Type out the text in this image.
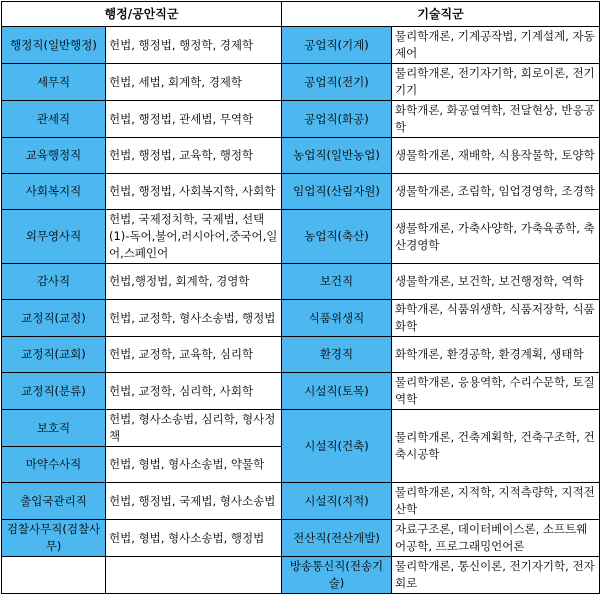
행정/공안직군		기술직군	
행정직(일반행정)	헌법, 행정법, 행정학, 경제학	공업직(기계)	물리학개론, 기계공작법, 기계설계, 자동제어
세무직	헌법, 세법, 회계학, 경제학	공업직(전기)	물리학개론, 전기자기학, 회로이론, 전기기기
관세직	헌법, 행정법, 관세법, 무역학	공업직(화공)	화학개론, 화공열역학, 전달현상, 반응공학
교육행정직	헌법, 행정법, 교육학, 행정학	농업직(일반농업)	생물학개론, 재배학, 식용작물학, 토양학
사회복지직	헌법, 행정법, 사회복지학, 사회학	임업직(산림자원)	생물학개론, 조림학, 임업경영학, 조경학
외무영사직	헌법, 국제정치학, 국제법, 선택(1)-독어,불어,러시아어,중국어,일어,스페인어	농업직(축산)	생물학개론, 가축사양학, 가축육종학, 축산경영학
감사직	헌법,행정법, 회계학, 경영학	보건직	생물학개론, 보건학, 보건행정학, 역학
교정직(교정)	헌법, 교정학, 형사소송법, 행정법	식품위생직	화학개론, 식품위생학, 식품저장학, 식품화학
교정직(교회)	헌법, 교정학, 교육학, 심리학	환경직	화학개론, 환경공학, 환경계획, 생태학
교정직(분류)	헌법, 교정학, 심리학, 사회학	시설직(토목)	물리학개론, 응용역학, 수리수문학, 토질역학
보호직	헌법, 형사소송법, 심리학, 형사정책	시설직(건축)	물리학개론, 건축계획학, 건축구조학, 건축시공학
마약수사직	헌법, 형법, 형사소송법, 약물학		
출입국관리직	헌법, 행정법, 국제법, 형사소송법	시설직(지적)	물리학개론, 지적학, 지적측량학, 지적전산학
검찰사무직(검찰사무)	헌법, 형법, 형사소송법, 행정법	전산직(전산개발)	자료구조론, 데이터베이스론, 소프트웨어공학, 프로그래밍언어론
		방송통신직(전송기술)	물리학개론, 통신이론, 전기자기학, 전자회로
